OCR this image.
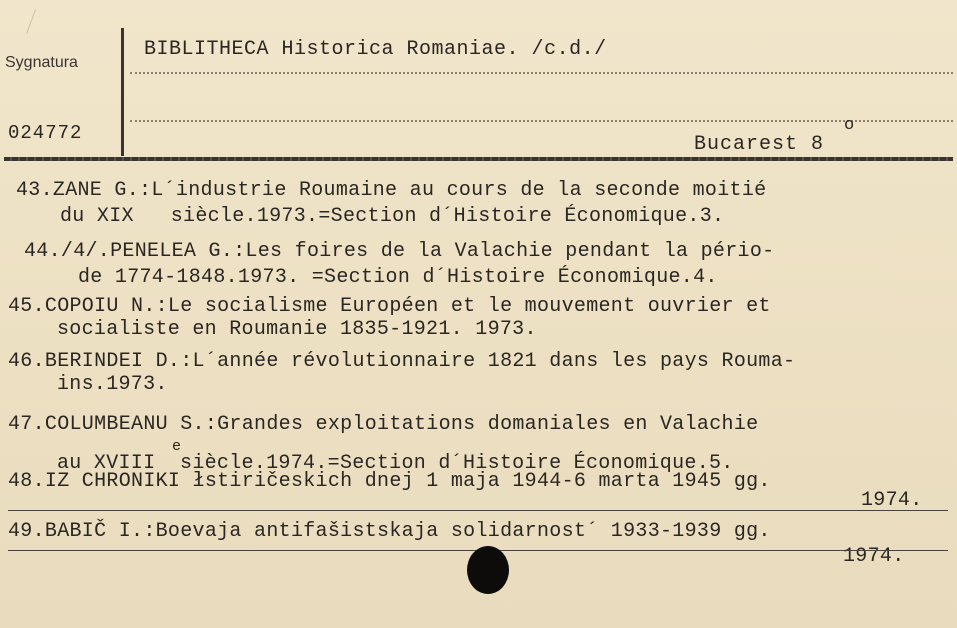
Sygnatura
024772
BIBLITHECA Historica Romaniae. /c.d./
Bucarest 8
o
43.ZANE G.:L´industrie Roumaine au cours de la seconde moitié
du XIX   siècle.1973.=Section d´Histoire Économique.3.
44./4/.PENELEA G.:Les foires de la Valachie pendant la pério-
de 1774-1848.1973. =Section d´Histoire Économique.4.
45.COPOIU N.:Le socialisme Européen et le mouvement ouvrier et
socialiste en Roumanie 1835-1921. 1973.
46.BERINDEI D.:L´année révolutionnaire 1821 dans les pays Rouma-
ins.1973.
47.COLUMBEANU S.:Grandes exploitations domaniales en Valachie
au XVIII  siècle.1974.=Section d´Histoire Économique.5.
e
48.IZ CHRONIKI łstiričeskich dnej 1 maja 1944-6 marta 1945 gg.
1974.
49.BABIČ I.:Boevaja antifašistskaja solidarnost´ 1933-1939 gg.
1974.
